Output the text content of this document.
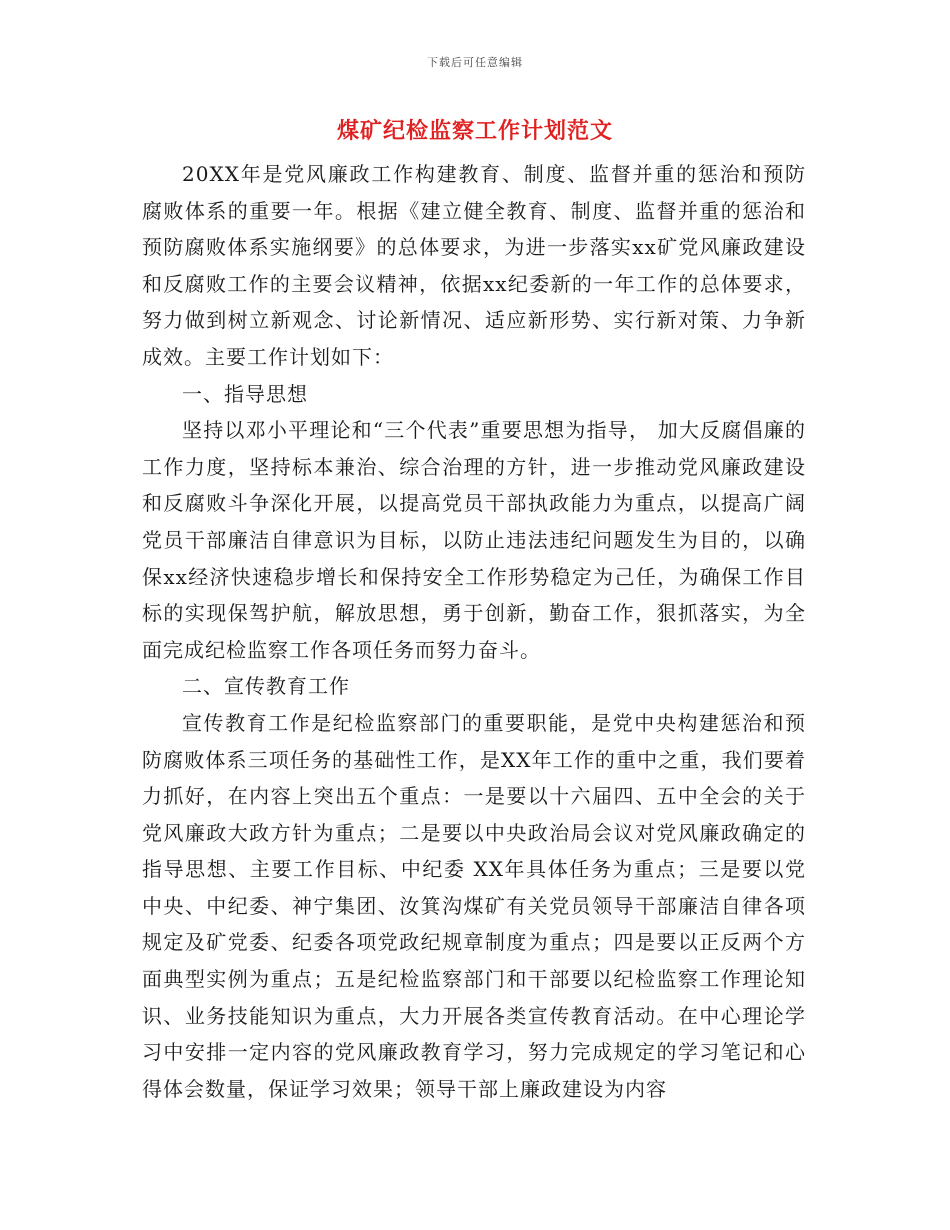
下载后可任意编辑
煤矿纪检监察工作计划范文

20XX年是党风廉政工作构建教育、制度、监督并重的惩治和预防腐败体系的重要一年。根据《建立健全教育、制度、监督并重的惩治和预防腐败体系实施纲要》的总体要求，为进一步落实xx矿党风廉政建设和反腐败工作的主要会议精神，依据xx纪委新的一年工作的总体要求，努力做到树立新观念、讨论新情况、适应新形势、实行新对策、力争新成效。主要工作计划如下：

一、指导思想

坚持以邓小平理论和“三个代表”重要思想为指导， 加大反腐倡廉的工作力度，坚持标本兼治、综合治理的方针，进一步推动党风廉政建设和反腐败斗争深化开展，以提高党员干部执政能力为重点，以提高广阔党员干部廉洁自律意识为目标，以防止违法违纪问题发生为目的，以确保xx经济快速稳步增长和保持安全工作形势稳定为己任，为确保工作目标的实现保驾护航，解放思想，勇于创新，勤奋工作，狠抓落实，为全面完成纪检监察工作各项任务而努力奋斗。

二、宣传教育工作

宣传教育工作是纪检监察部门的重要职能，是党中央构建惩治和预防腐败体系三项任务的基础性工作，是XX年工作的重中之重，我们要着力抓好，在内容上突出五个重点：一是要以十六届四、五中全会的关于党风廉政大政方针为重点；二是要以中央政治局会议对党风廉政确定的指导思想、主要工作目标、中纪委 XX年具体任务为重点；三是要以党中央、中纪委、神宁集团、汝箕沟煤矿有关党员领导干部廉洁自律各项规定及矿党委、纪委各项党政纪规章制度为重点；四是要以正反两个方面典型实例为重点；五是纪检监察部门和干部要以纪检监察工作理论知识、业务技能知识为重点，大力开展各类宣传教育活动。在中心理论学习中安排一定内容的党风廉政教育学习，努力完成规定的学习笔记和心得体会数量，保证学习效果；领导干部上廉政建设为内容
